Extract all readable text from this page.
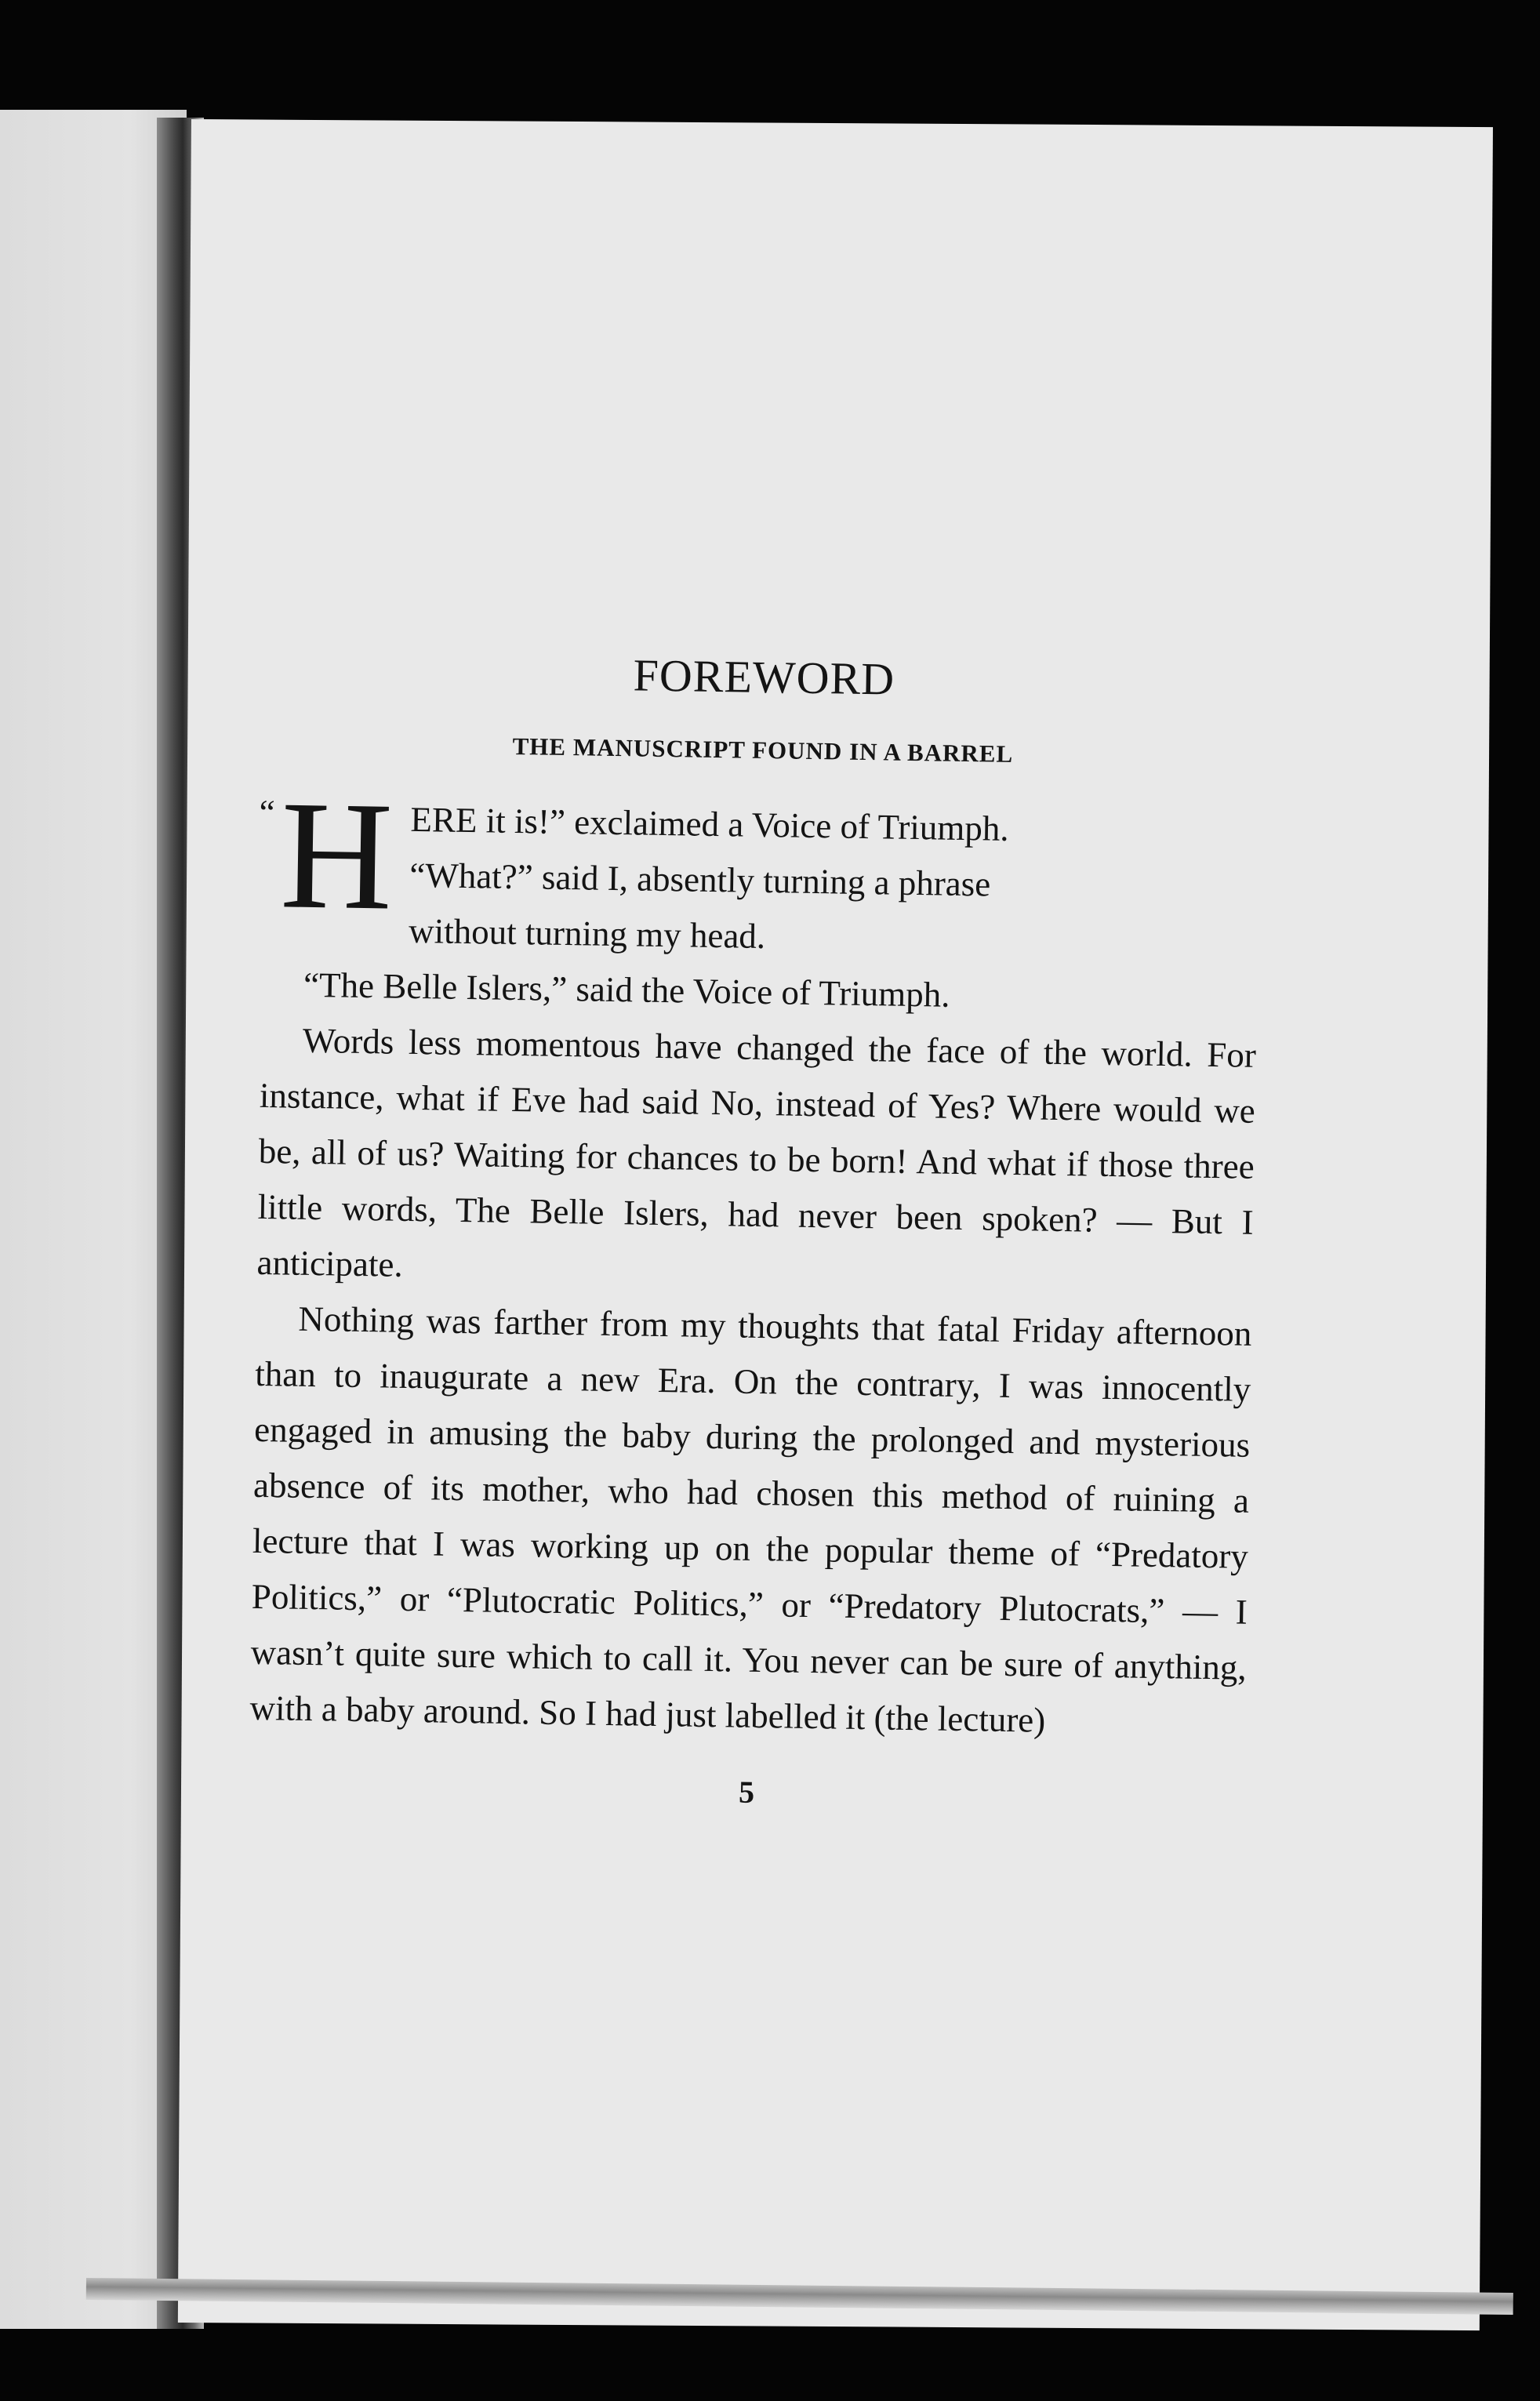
FOREWORD
THE MANUSCRIPT FOUND IN A BARREL
“ H ERE it is!” exclaimed a Voice of Triumph.
“What?” said I, absently turning a phrase
without turning my head.

“The Belle Islers,” said the Voice of Triumph.

Words less momentous have changed the face of the world. For instance, what if Eve had said No, instead of Yes? Where would we be, all of us? Waiting for chances to be born! And what if those three little words, The Belle Islers, had never been spoken? — But I anticipate.

Nothing was farther from my thoughts that fatal Friday afternoon than to inaugurate a new Era. On the contrary, I was innocently engaged in amusing the baby during the prolonged and mysterious absence of its mother, who had chosen this method of ruining a lecture that I was working up on the popular theme of “Predatory Politics,” or “Plutocratic Politics,” or “Predatory Plutocrats,” — I wasn’t quite sure which to call it. You never can be sure of anything, with a baby around. So I had just labelled it (the lecture)

5
